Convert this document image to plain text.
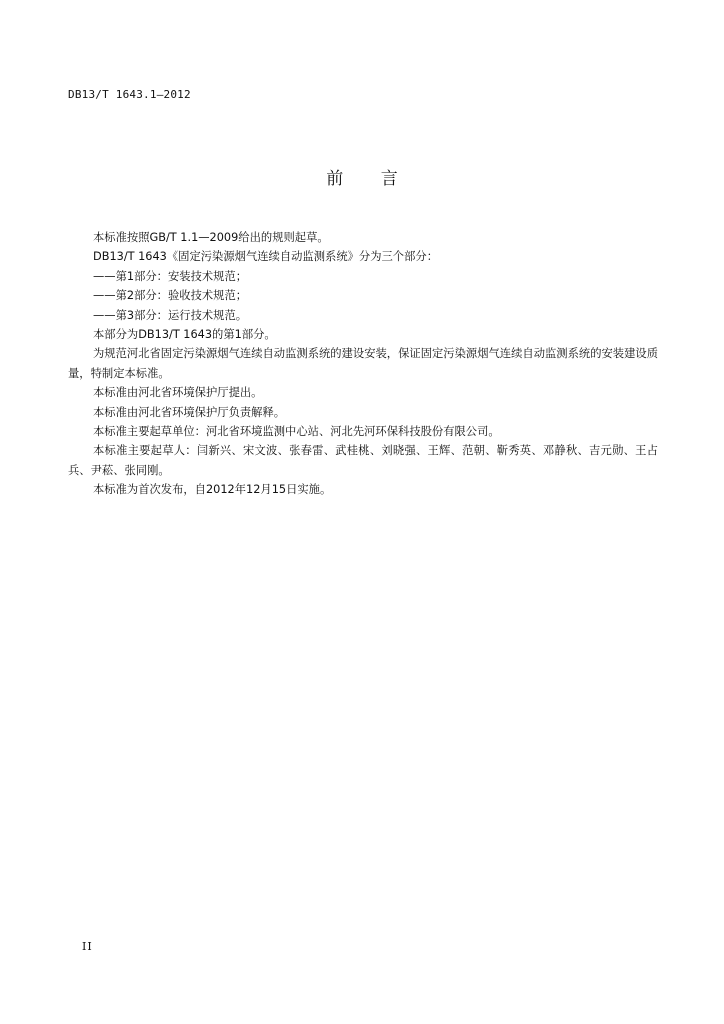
DB13/T 1643.1—2012
前 言

本标准按照GB/T 1.1—2009给出的规则起草。

DB13/T 1643《固定污染源烟气连续自动监测系统》分为三个部分：

——第1部分：安装技术规范；

——第2部分：验收技术规范；

——第3部分：运行技术规范。

本部分为DB13/T 1643的第1部分。

为规范河北省固定污染源烟气连续自动监测系统的建设安装，保证固定污染源烟气连续自动监测系统的安装建设质量，特制定本标准。

本标准由河北省环境保护厅提出。

本标准由河北省环境保护厅负责解释。

本标准主要起草单位：河北省环境监测中心站、河北先河环保科技股份有限公司。

本标准主要起草人：闫新兴、宋文波、张春雷、武桂桃、刘晓强、王辉、范朝、靳秀英、邓静秋、吉元勋、王占兵、尹菘、张同刚。

本标准为首次发布，自2012年12月15日实施。

II
